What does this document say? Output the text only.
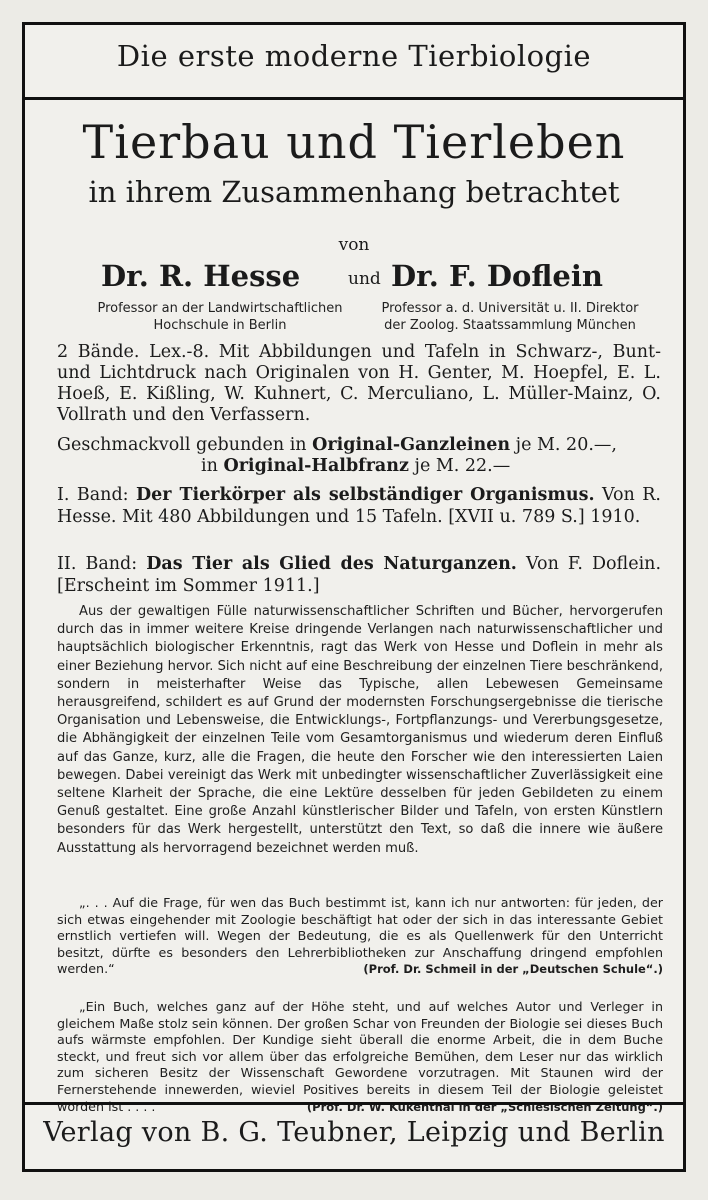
Die erste moderne Tierbiologie
Tierbau und Tierleben
in ihrem Zusammenhang betrachtet
von
Dr. R. Hesse	und Dr. F. Doflein
Professor an der Landwirtschaftlichen
Hochschule in Berlin
Professor a. d. Universität u. II. Direktor
der Zoolog. Staatssammlung München
2 Bände. Lex.-8. Mit Abbildungen und Tafeln in Schwarz-, Bunt- und Lichtdruck nach Originalen von H. Genter, M. Hoepfel, E. L. Hoeß, E. Kißling, W. Kuhnert, C. Merculiano, L. Müller-Mainz, O. Vollrath und den Verfassern.
Geschmackvoll gebunden in Original-Ganzleinen je M. 20.—,
in Original-Halbfranz je M. 22.—
I. Band: Der Tierkörper als selbständiger Organismus. Von R. Hesse. Mit 480 Abbildungen und 15 Tafeln. [XVII u. 789 S.] 1910.
II. Band: Das Tier als Glied des Naturganzen. Von F. Doflein. [Erscheint im Sommer 1911.]
Aus der gewaltigen Fülle naturwissenschaftlicher Schriften und Bücher, hervorgerufen durch das in immer weitere Kreise dringende Verlangen nach naturwissenschaftlicher und hauptsächlich biologischer Erkenntnis, ragt das Werk von Hesse und Doflein in mehr als einer Beziehung hervor. Sich nicht auf eine Beschreibung der einzelnen Tiere beschränkend, sondern in meisterhafter Weise das Typische, allen Lebewesen Gemeinsame herausgreifend, schildert es auf Grund der modernsten Forschungsergebnisse die tierische Organisation und Lebensweise, die Entwicklungs-, Fortpflanzungs- und Vererbungsgesetze, die Abhängigkeit der einzelnen Teile vom Gesamtorganismus und wiederum deren Einfluß auf das Ganze, kurz, alle die Fragen, die heute den Forscher wie den interessierten Laien bewegen. Dabei vereinigt das Werk mit unbedingter wissenschaftlicher Zuverlässigkeit eine seltene Klarheit der Sprache, die eine Lektüre desselben für jeden Gebildeten zu einem Genuß gestaltet. Eine große Anzahl künstlerischer Bilder und Tafeln, von ersten Künstlern besonders für das Werk hergestellt, unterstützt den Text, so daß die innere wie äußere Ausstattung als hervorragend bezeichnet werden muß.
„. . . Auf die Frage, für wen das Buch bestimmt ist, kann ich nur antworten: für jeden, der sich etwas eingehender mit Zoologie beschäftigt hat oder der sich in das interessante Gebiet ernstlich vertiefen will. Wegen der Bedeutung, die es als Quellenwerk für den Unterricht besitzt, dürfte es besonders den Lehrerbibliotheken zur Anschaffung dringend empfohlen werden.“	(Prof. Dr. Schmeil in der „Deutschen Schule“.)
„Ein Buch, welches ganz auf der Höhe steht, und auf welches Autor und Verleger in gleichem Maße stolz sein können. Der großen Schar von Freunden der Biologie sei dieses Buch aufs wärmste empfohlen. Der Kundige sieht überall die enorme Arbeit, die in dem Buche steckt, und freut sich vor allem über das erfolgreiche Bemühen, dem Leser nur das wirklich zum sicheren Besitz der Wissenschaft Gewordene vorzutragen. Mit Staunen wird der Fernerstehende innewerden, wieviel Positives bereits in diesem Teil der Biologie geleistet worden ist . . . .“	(Prof. Dr. W. Kükenthal in der „Schlesischen Zeitung“.)
Verlag von B. G. Teubner, Leipzig und Berlin
